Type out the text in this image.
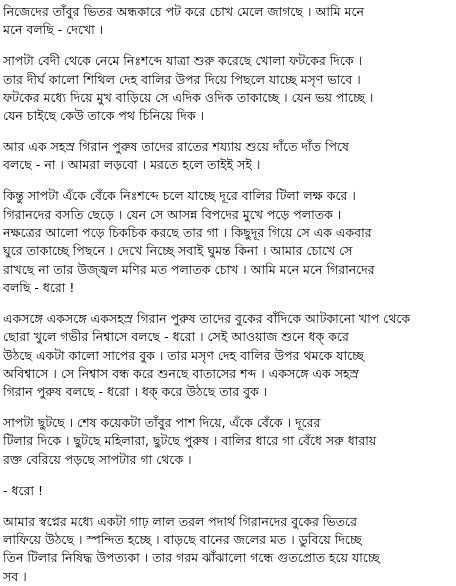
নিজেদের তাঁবুর ভিতর অন্ধকারে পট করে চোখ মেলে জাগছে । আমি মনে
মনে বলছি - দেখো ।
সাপটা বেদী থেকে নেমে নিঃশব্দে যাত্রা শুরু করেছে খোলা ফটকের দিকে ।
তার দীর্ঘ কালো শিথিল দেহ বালির উপর দিয়ে পিছলে যাচ্ছে মসৃণ ভাবে ।
ফটকের মধ্যে দিয়ে মুখ বাড়িয়ে সে এদিক ওদিক তাকাচ্ছে । যেন ভয় পাচ্ছে ।
যেন চাইছে কেউ তাকে পথ চিনিয়ে দিক ।
আর এক সহস্র গিরান পুরুষ তাদের রাতের শয্যায় শুয়ে দাঁতে দাঁত পিষে
বলছে - না । আমরা লড়বো । মরতে হলে তাইই সই ।
কিন্তু সাপটা এঁকে বেঁকে নিঃশব্দে চলে যাচ্ছে দূরে বালির টিলা লক্ষ করে ।
গিরানদের বসতি ছেড়ে । যেন সে আসন্ন বিপদের মুখে পড়ে পলাতক ।
নক্ষত্রের আলো পড়ে চিকচিক করছে তার গা । কিছুদূর গিয়ে সে এক একবার
ঘুরে তাকাচ্ছে পিছনে । দেখে নিচ্ছে সবাই ঘুমন্ত কিনা । আমার চোখে সে
রাখছে না তার উজ্জ্বল মণির মত পলাতক চোখ । আমি মনে মনে গিরানদের
বলছি - ধরো !
একসঙ্গে একসঙ্গে একসহস্র গিরান পুরুষ তাদের বুকের বাঁদিকে আটকানো খাপ থেকে
ছোরা খুলে গভীর নিশ্বাসে বলছে - ধরো । সেই আওয়াজ শুনে ধক্ করে
উঠছে একটা কালো সাপের বুক । তার মসৃণ দেহ বালির উপর থমকে যাচ্ছে
অবিশ্বাসে । সে নিশ্বাস বন্ধ করে শুনছে বাতাসের শব্দ । একসঙ্গে এক সহস্র
গিরান পুরুষ বলছে - ধরো । ধক্ করে উঠছে তার বুক ।
সাপটা ছুটছে । শেষ কয়েকটা তাঁবুর পাশ দিয়ে, এঁকে বেঁকে । দূরের
টিলার দিকে । ছুটছে মহিলারা, ছুটছে পুরুষ । বালির ধারে গা বেঁধে সরু ধারায়
রক্ত বেরিয়ে পড়ছে সাপটার গা থেকে ।
- ধরো !
আমার স্বপ্নের মধ্যে একটা গাঢ় লাল তরল পদার্থ গিরানদের বুকের ভিতরে
লাফিয়ে উঠছে । স্পন্দিত হচ্ছে । বাড়ছে বানের জলের মত । ডুবিয়ে দিচ্ছে
তিন টিলার নিষিদ্ধ উপত্যকা । তার গরম ঝাঁঝালো গন্ধে গুতপ্রোত হয়ে যাচ্ছে
সব ।
